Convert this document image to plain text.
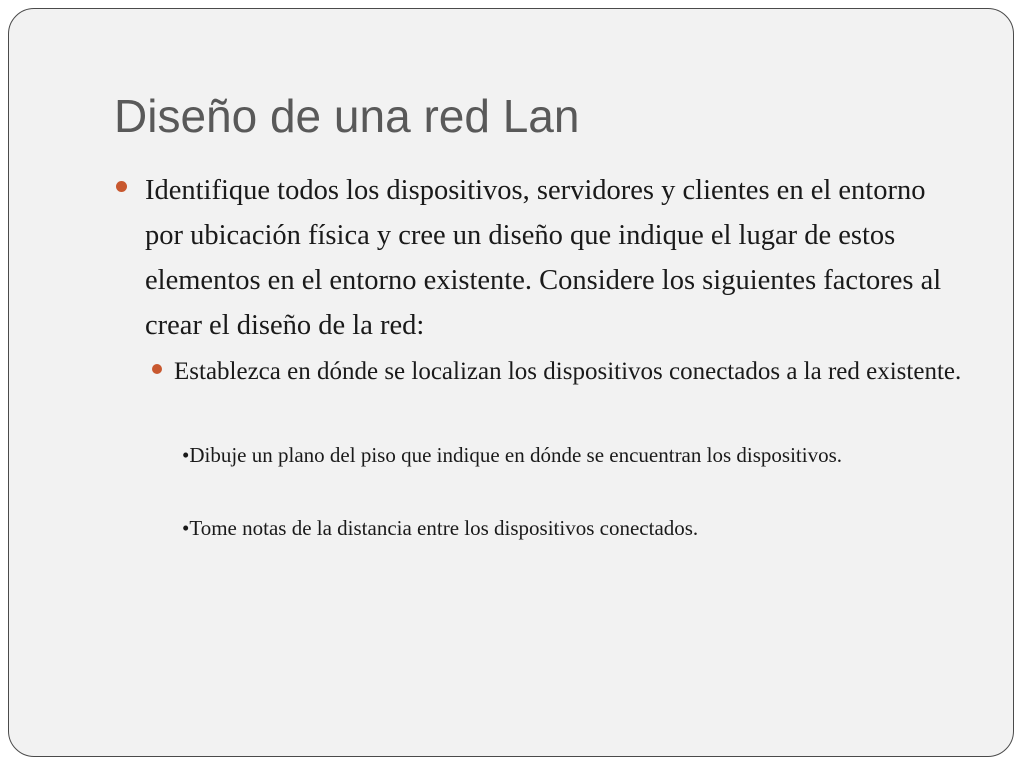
Diseño de una red Lan
Identifique todos los dispositivos, servidores y clientes en el entorno por ubicación física y cree un diseño que indique el lugar de estos elementos en el entorno existente. Considere los siguientes factores al crear el diseño de la red:
Establezca en dónde se localizan los dispositivos conectados a la red existente.
•Dibuje un plano del piso que indique en dónde se encuentran los dispositivos.
•Tome notas de la distancia entre los dispositivos conectados.
